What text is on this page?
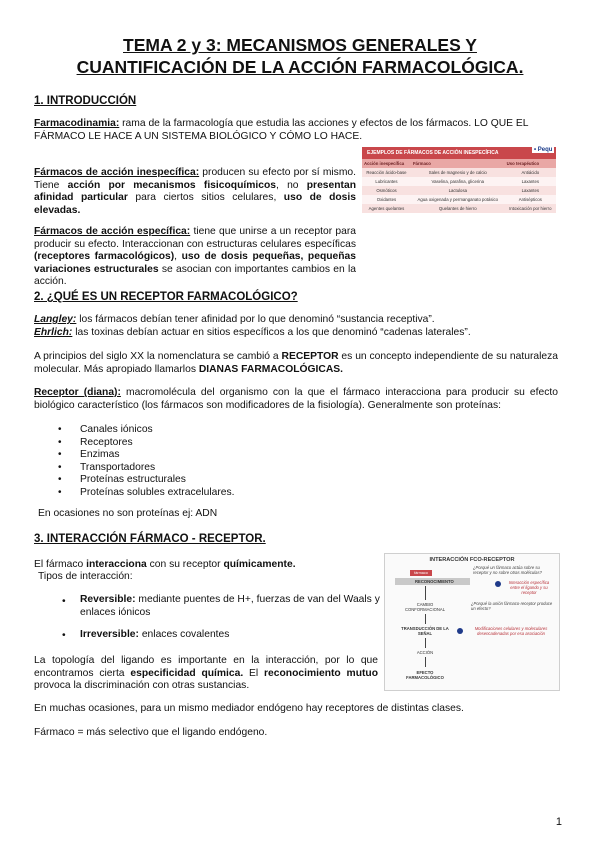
TEMA 2 y 3: MECANISMOS GENERALES Y
CUANTIFICACIÓN DE LA ACCIÓN FARMACOLÓGICA.
1. INTRODUCCIÓN
Farmacodinamia: rama de la farmacología que estudia las acciones y efectos de los fármacos. LO QUE EL FÁRMACO LE HACE A UN SISTEMA BIOLÓGICO Y CÓMO LO HACE.
Fármacos de acción inespecífica: producen su efecto por sí mismo. Tiene acción por mecanismos fisicoquímicos, no presentan afinidad particular para ciertos sitios celulares, uso de dosis elevadas.
Fármacos de acción específica: tiene que unirse a un receptor para producir su efecto. Interaccionan con estructuras celulares específicas (receptores farmacológicos), uso de dosis pequeñas, pequeñas variaciones estructurales se asocian con importantes cambios en la acción.
EJEMPLOS DE FÁRMACOS DE ACCIÓN INESPECÍFICA	• Pequ
Acción inespecífica	Fármaco	Uso terapéutico
Reacción ácido-base	Sales de magnesio y de calcio	Antiácido
Lubricantes	Vaselina, parafina, glicerina	Laxantes
Osmóticos	Lactulosa	Laxantes
Oxidantes	Agua oxigenada y permanganato potásico	Antisépticos
Agentes quelantes	Quelantes de hierro	Intoxicación por hierro
2. ¿QUÉ ES UN RECEPTOR FARMACOLÓGICO?
Langley: los fármacos debían tener afinidad por lo que denominó “sustancia receptiva”.
Ehrlich: las toxinas debían actuar en sitios específicos a los que denominó “cadenas laterales”.
A principios del siglo XX la nomenclatura se cambió a RECEPTOR es un concepto independiente de su naturaleza molecular. Más apropiado llamarlos DIANAS FARMACOLÓGICAS.
Receptor (diana): macromolécula del organismo con la que el fármaco interacciona para producir su efecto biológico característico (los fármacos son modificadores de la fisiología). Generalmente son proteínas:
• Canales iónicos
• Receptores
• Enzimas
• Transportadores
• Proteínas estructurales
• Proteínas solubles extracelulares.
En ocasiones no son proteínas ej: ADN
3. INTERACCIÓN FÁRMACO - RECEPTOR.
El fármaco interacciona con su receptor químicamente.
Tipos de interacción:
•	Reversible: mediante puentes de H+, fuerzas de van del Waals y enlaces iónicos
•	Irreversible: enlaces covalentes
La topología del ligando es importante en la interacción, por lo que encontramos cierta especificidad química. El reconocimiento mutuo provoca la discriminación con otras sustancias.
En muchas ocasiones, para un mismo mediador endógeno hay receptores de distintas clases.
Fármaco = más selectivo que el ligando endógeno.
INTERACCIÓN FCO-RECEPTOR
¿Porqué un fármaco actúa sobre su receptor y no sobre otras moléculas?
fármaco
RECONOCIMIENTO	Interacción específica entre el ligando y su receptor
CAMBIO CONFORMACIONAL
¿Porqué la unión fármaco-receptor produce un efecto?
TRANSDUCCIÓN DE LA SEÑAL
Modificaciones celulares y moleculares desencadenadas por esa asociación
ACCIÓN
EFECTO FARMACOLÓGICO
1
